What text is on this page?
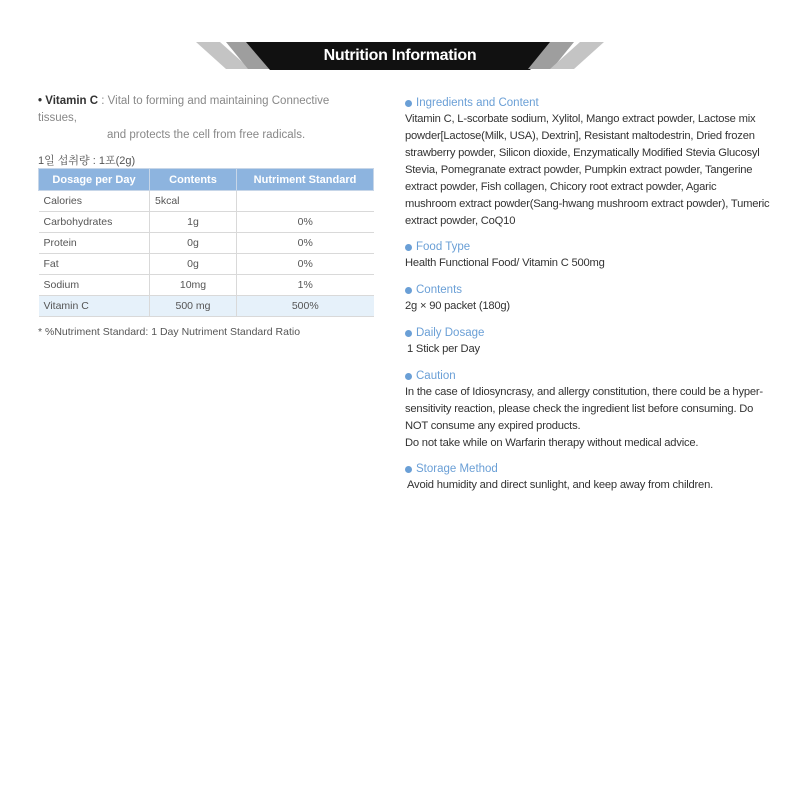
Nutrition Information
• Vitamin C : Vital to forming and maintaining Connective tissues,
and protects the cell from free radicals.
1일 섭취량 : 1포(2g)
Dosage per Day	Contents	Nutriment Standard
Calories	5kcal	
Carbohydrates	1g	0%
Protein	0g	0%
Fat	0g	0%
Sodium	10mg	1%
Vitamin C	500 mg	500%
* %Nutriment Standard: 1 Day Nutriment Standard Ratio
Ingredients and Content
Vitamin C, L-scorbate sodium, Xylitol, Mango extract powder, Lactose mix powder[Lactose(Milk, USA), Dextrin], Resistant maltodestrin, Dried frozen strawberry powder, Silicon dioxide, Enzymatically Modified Stevia Glucosyl Stevia, Pomegranate extract powder, Pumpkin extract powder, Tangerine extract powder, Fish collagen, Chicory root extract powder, Agaric mushroom extract powder(Sang-hwang mushroom extract powder), Tumeric extract powder, CoQ10
Food Type
Health Functional Food/ Vitamin C 500mg
Contents
2g × 90 packet (180g)
Daily Dosage
1 Stick per Day
Caution
In the case of Idiosyncrasy, and allergy constitution, there could be a hyper-sensitivity reaction, please check the ingredient list before consuming. Do NOT consume any expired products.
Do not take while on Warfarin therapy without medical advice.
Storage Method
Avoid humidity and direct sunlight, and keep away from children.
